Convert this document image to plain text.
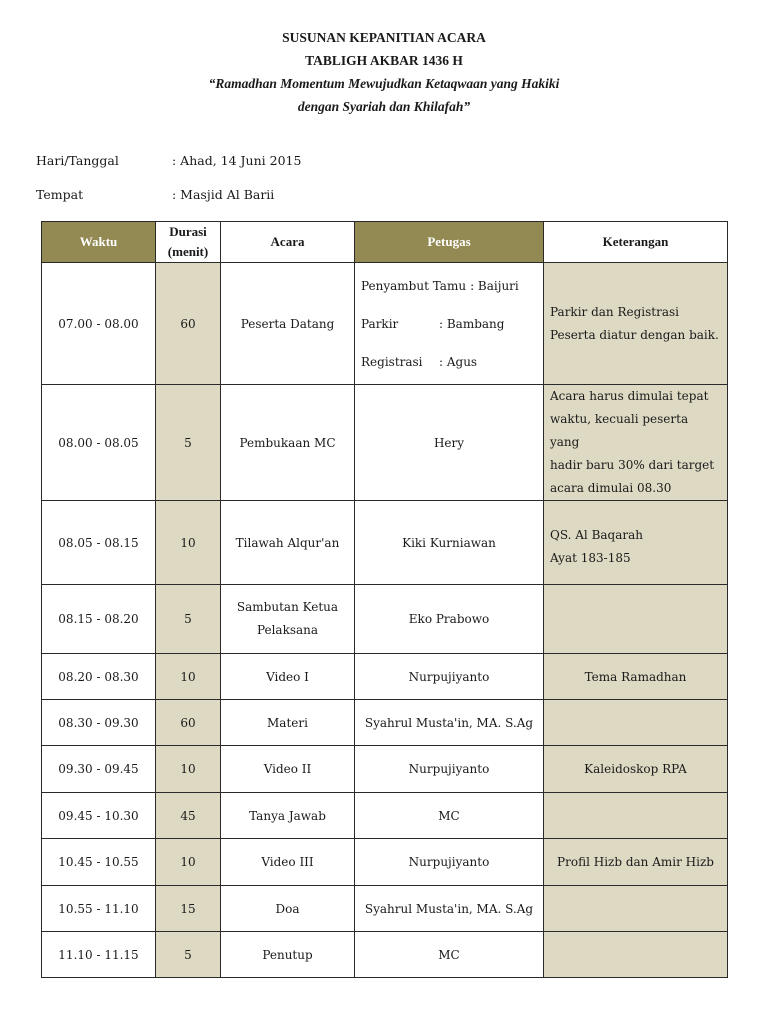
SUSUNAN KEPANITIAN ACARA
TABLIGH AKBAR 1436 H
“Ramadhan Momentum Mewujudkan Ketaqwaan yang Hakiki
dengan Syariah dan Khilafah”
Hari/Tanggal	: Ahad, 14 Juni 2015
Tempat	: Masjid Al Barii
Waktu	Durasi
(menit)	Acara	Petugas	Keterangan
07.00 - 08.00	60	Peserta Datang	Penyambut Tamu : Baijuri
Parkir : Bambang
Registrasi : Agus	Parkir dan Registrasi
Peserta diatur dengan baik.

08.00 - 08.05	5	Pembukaan MC	Hery	Acara harus dimulai tepat
waktu, kecuali peserta yang
hadir baru 30% dari target
acara dimulai 08.30

08.05 - 08.15	10	Tilawah Alqur'an	Kiki Kurniawan	QS. Al Baqarah
Ayat 183-185

08.15 - 08.20	5	Sambutan Ketua
Pelaksana	Eko Prabowo	
08.20 - 08.30	10	Video I	Nurpujiyanto	Tema Ramadhan
08.30 - 09.30	60	Materi	Syahrul Musta'in, MA. S.Ag	
09.30 - 09.45	10	Video II	Nurpujiyanto	Kaleidoskop RPA
09.45 - 10.30	45	Tanya Jawab	MC	
10.45 - 10.55	10	Video III	Nurpujiyanto	Profil Hizb dan Amir Hizb
10.55 - 11.10	15	Doa	Syahrul Musta'in, MA. S.Ag	
11.10 - 11.15	5	Penutup	MC	
